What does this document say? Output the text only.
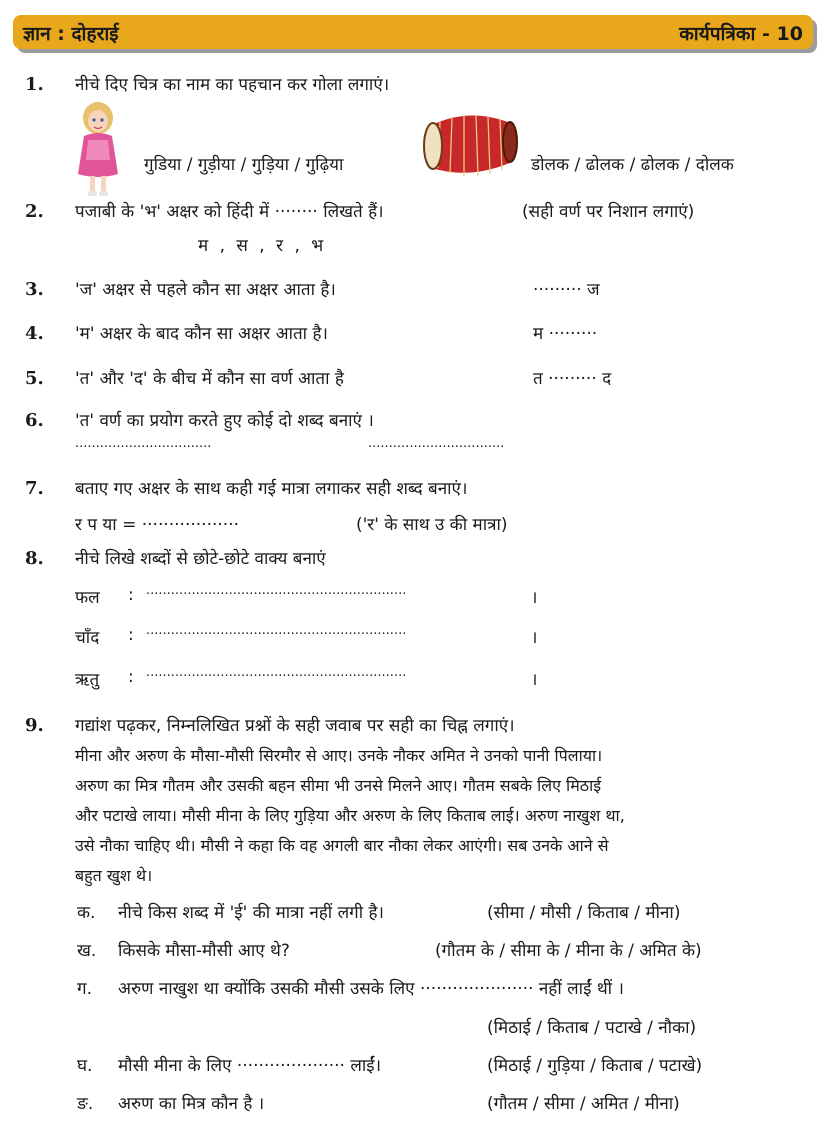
ज्ञान : दोहराई	कार्यपत्रिका - 10
1. नीचे दिए चित्र का नाम का पहचान कर गोला लगाएं।
गुडिया / गुड़ीया / गुड़िया / गुढ़िया	डोलक / ढोलक / ढोलक / दोलक
2. पजाबी के 'भ' अक्षर को हिंदी में ········ लिखते हैं।	(सही वर्ण पर निशान लगाएं)
म , स , र , भ
3. 'ज' अक्षर से पहले कौन सा अक्षर आता है।	········· ज
4. 'म' अक्षर के बाद कौन सा अक्षर आता है।	म ·········
5. 'त' और 'द' के बीच में कौन सा वर्ण आता है	त ········· द
6. 'त' वर्ण का प्रयोग करते हुए कोई दो शब्द बनाएं ।
·································	·································
7. बताए गए अक्षर के साथ कही गई मात्रा लगाकर सही शब्द बनाएं।
र प या = ··················	('र' के साथ उ की मात्रा)
8. नीचे लिखे शब्दों से छोटे-छोटे वाक्य बनाएं
फल : ·······························································	।
चाँद : ·······························································	।
ऋतु : ·······························································	।
9. गद्यांश पढ़कर, निम्नलिखित प्रश्नों के सही जवाब पर सही का चिह्न लगाएं।
मीना और अरुण के मौसा-मौसी सिरमौर से आए। उनके नौकर अमित ने उनको पानी पिलाया।
अरुण का मित्र गौतम और उसकी बहन सीमा भी उनसे मिलने आए। गौतम सबके लिए मिठाई
और पटाखे लाया। मौसी मीना के लिए गुड़िया और अरुण के लिए किताब लाई। अरुण नाखुश था,
उसे नौका चाहिए थी। मौसी ने कहा कि वह अगली बार नौका लेकर आएंगी। सब उनके आने से
बहुत खुश थे।
क. नीचे किस शब्द में 'ई' की मात्रा नहीं लगी है।	(सीमा / मौसी / किताब / मीना)
ख. किसके मौसा-मौसी आए थे?	(गौतम के / सीमा के / मीना के / अमित के)
ग. अरुण नाखुश था क्योंकि उसकी मौसी उसके लिए ····················· नहीं लाईं थीं ।
(मिठाई / किताब / पटाखे / नौका)
घ. मौसी मीना के लिए ···················· लाईं।	(मिठाई / गुड़िया / किताब / पटाखे)
ङ. अरुण का मित्र कौन है ।	(गौतम / सीमा / अमित / मीना)
